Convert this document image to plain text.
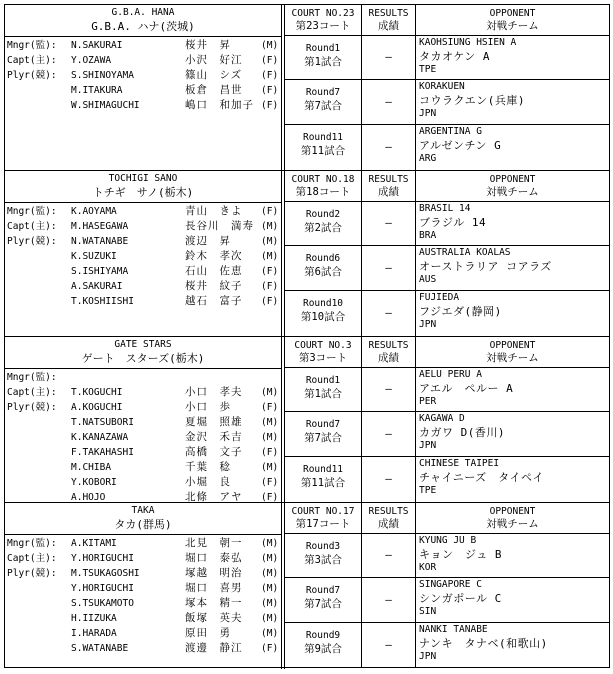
G.B.A. HANA
G.B.A. ハナ(茨城)
Mngr(監):	N.SAKURAI	桜井　昇	(M)
Capt(主):	Y.OZAWA	小沢　好江	(F)
Plyr(競):	S.SHINOYAMA	篠山　シズ	(F)
M.ITAKURA	板倉　昌世	(F)
W.SHIMAGUCHI	嶋口　和加子 (F)
COURT NO.23
第23コート
RESULTS
成績
OPPONENT
対戦チーム
Round1
第1試合	―
KAOHSIUNG HSIEN A
タカオケン A
TPE
Round7
第7試合	―
KORAKUEN
コウラクエン(兵庫)
JPN
Round11
第11試合	―
ARGENTINA G
アルゼンチン G
ARG
TOCHIGI SANO
トチギ　サノ(栃木)
Mngr(監):	K.AOYAMA	青山　きよ	(F)
Capt(主):	M.HASEGAWA	長谷川　満寿 (M)
Plyr(競):	N.WATANABE	渡辺　昇	(M)
K.SUZUKI	鈴木　孝次	(M)
S.ISHIYAMA	石山　佐恵	(F)
A.SAKURAI	桜井　紋子	(F)
T.KOSHIISHI	越石　富子	(F)
COURT NO.18
第18コート
RESULTS
成績
OPPONENT
対戦チーム
Round2
第2試合	―
BRASIL 14
ブラジル 14
BRA
Round6
第6試合	―
AUSTRALIA KOALAS
オーストラリア コアラズ
AUS
Round10
第10試合	―
FUJIEDA
フジエダ(静岡)
JPN
GATE STARS
ゲート　スターズ(栃木)
Mngr(監):
Capt(主):	T.KOGUCHI	小口　孝夫	(M)
Plyr(競):	A.KOGUCHI	小口　歩	(F)
T.NATSUBORI	夏堀　照雄	(M)
K.KANAZAWA	金沢　禾吉	(M)
F.TAKAHASHI	高橋　文子	(F)
M.CHIBA	千葉　稔	(M)
Y.KOBORI	小堀　良	(F)
A.HOJO	北條　アヤ	(F)
COURT NO.3
第3コート
RESULTS
成績
OPPONENT
対戦チーム
Round1
第1試合	―
AELU PERU A
アエル　ペルー A
PER
Round7
第7試合	―
KAGAWA D
カガワ D(香川)
JPN
Round11
第11試合	―
CHINESE TAIPEI
チャイニーズ　タイペイ
TPE
TAKA
タカ(群馬)
Mngr(監):	A.KITAMI	北見　朝一	(M)
Capt(主):	Y.HORIGUCHI	堀口　泰弘	(M)
Plyr(競):	M.TSUKAGOSHI	塚越　明治	(M)
Y.HORIGUCHI	堀口　喜男	(M)
S.TSUKAMOTO	塚本　精一	(M)
H.IIZUKA	飯塚　英夫	(M)
I.HARADA	原田　勇	(M)
S.WATANABE	渡邊　静江	(F)
COURT NO.17
第17コート
RESULTS
成績
OPPONENT
対戦チーム
Round3
第3試合	―
KYUNG JU B
キョン　ジュ B
KOR
Round7
第7試合	―
SINGAPORE C
シンガポール C
SIN
Round9
第9試合	―
NANKI TANABE
ナンキ　タナベ(和歌山)
JPN
